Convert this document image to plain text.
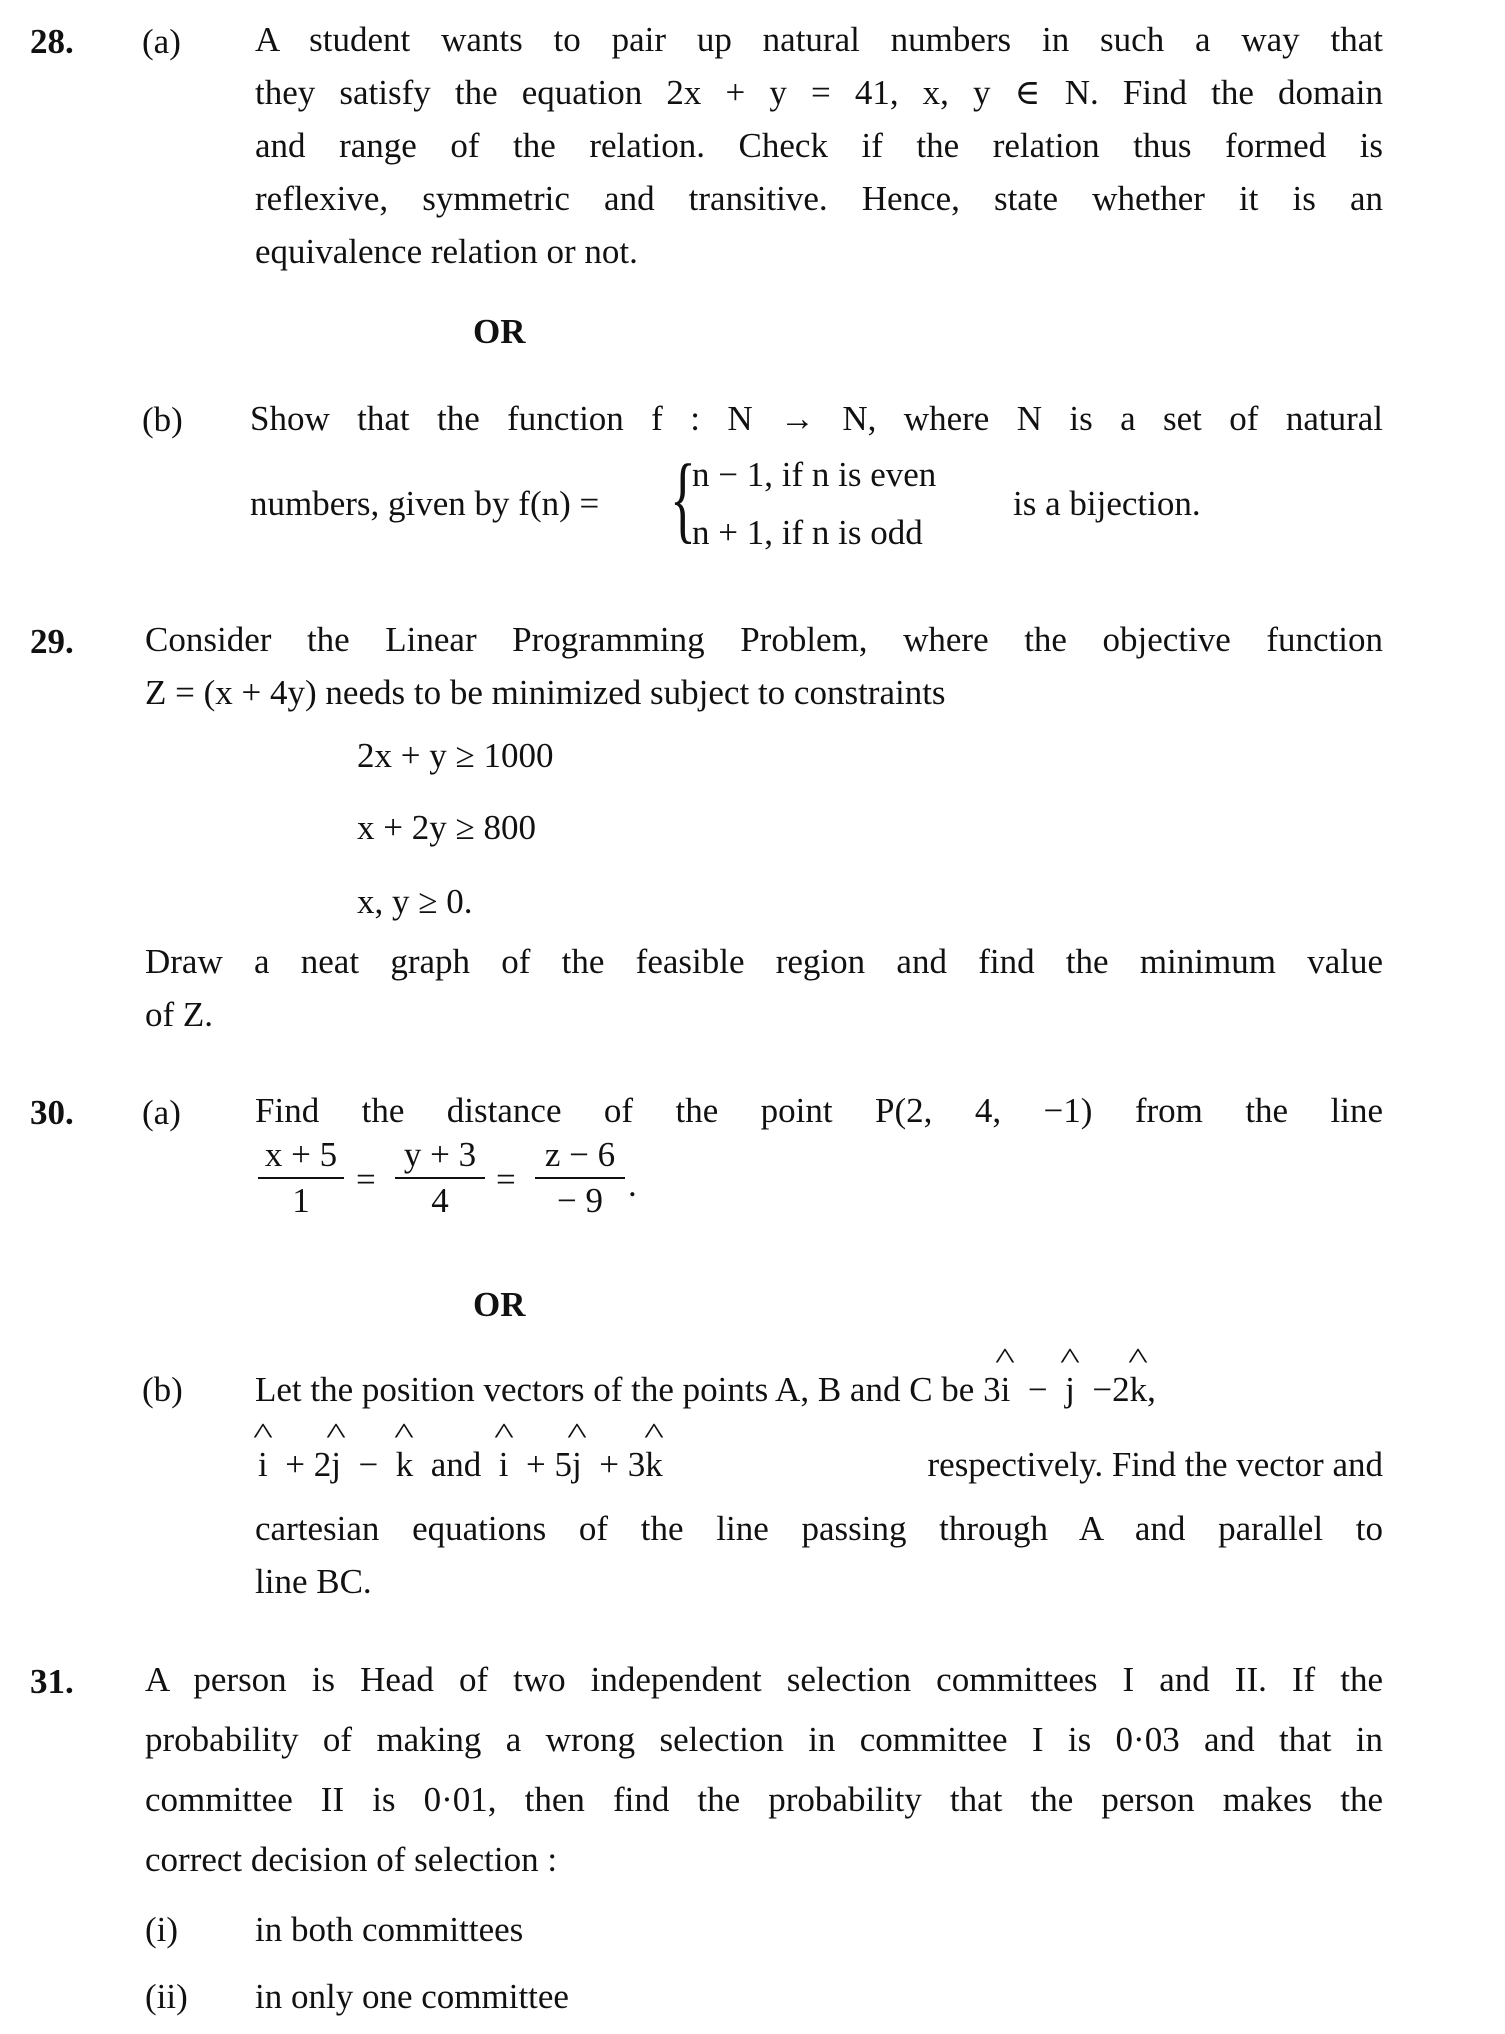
28. (a) A student wants to pair up natural numbers in such a way that
they satisfy the equation 2x + y = 41, x, y ∈ N. Find the domain
and range of the relation. Check if the relation thus formed is
reflexive, symmetric and transitive. Hence, state whether it is an
equivalence relation or not.
OR
(b) Show that the function f : N → N, where N is a set of natural
numbers, given by f(n) = {
n − 1, if n is even
n + 1, if n is odd
is a bijection.
29. Consider the Linear Programming Problem, where the objective function
Z = (x + 4y) needs to be minimized subject to constraints
2x + y ≥ 1000
x + 2y ≥ 800
x, y ≥ 0.
Draw a neat graph of the feasible region and find the minimum value
of Z.
30. (a) Find the distance of the point P(2, 4, −1) from the line
x + 5
1
=
y + 3
4
=
z − 6
− 9 .
OR
(b) Let the position vectors of the points A, B and C be 3^ i − ^ j −2^ k,
^ i + 2^ j − ^ k and ^ i + 5^ j + 3^ k	respectively. Find the vector and
cartesian equations of the line passing through A and parallel to
line BC.
31. A person is Head of two independent selection committees I and II. If the
probability of making a wrong selection in committee I is 0·03 and that in
committee II is 0·01, then find the probability that the person makes the
correct decision of selection :
(i) in both committees
(ii) in only one committee
